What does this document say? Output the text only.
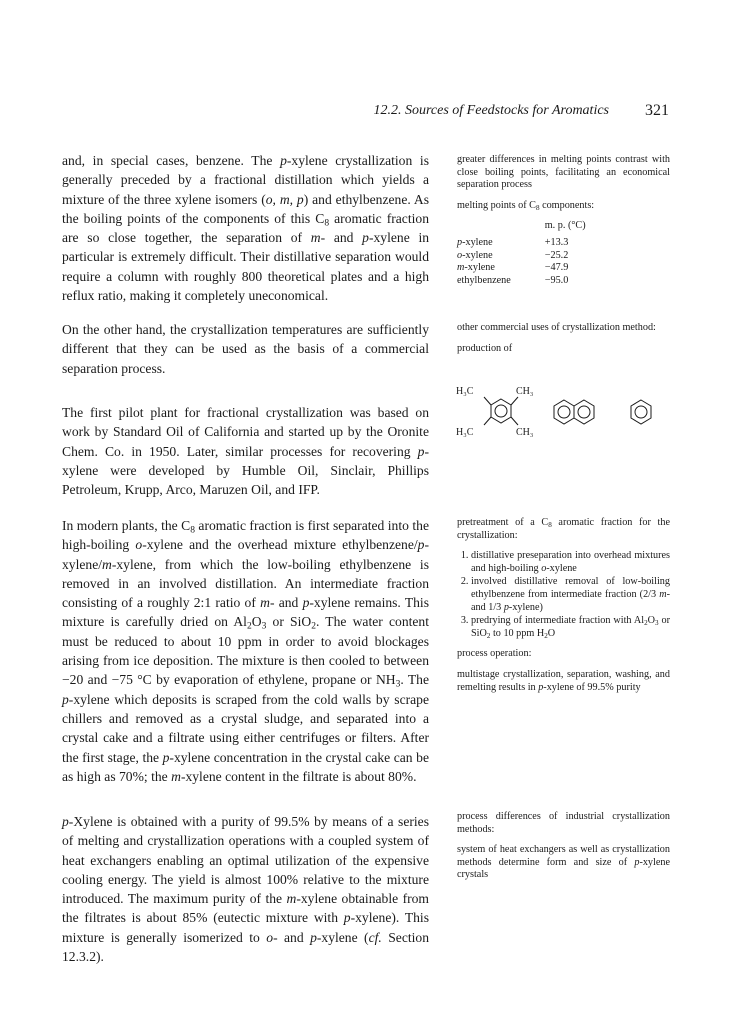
12.2. Sources of Feedstocks for Aromatics 321

and, in special cases, benzene. The p-xylene crystallization is generally preceded by a fractional distillation which yields a mixture of the three xylene isomers (o, m, p) and ethylbenzene. As the boiling points of the components of this $C_8$ aromatic fraction are so close together, the separation of m- and p-xylene in particular is extremely difficult. Their distillative separation would require a column with roughly 800 theoretical plates and a high reflux ratio, making it completely uneconomical.

On the other hand, the crystallization temperatures are sufficiently different that they can be used as the basis of a commercial separation process.

The first pilot plant for fractional crystallization was based on work by Standard Oil of California and started up by the Oronite Chem. Co. in 1950. Later, similar processes for recovering p-xylene were developed by Humble Oil, Sinclair, Phillips Petroleum, Krupp, Arco, Maruzen Oil, and IFP.

In modern plants, the $C_8$ aromatic fraction is first separated into the high-boiling o-xylene and the overhead mixture ethylbenzene/p-xylene/m-xylene, from which the low-boiling ethylbenzene is removed in an involved distillation. An intermediate fraction consisting of a roughly 2:1 ratio of m- and p-xylene remains. This mixture is carefully dried on $Al_2O_3$ or SiO$_2$. The water content must be reduced to about 10 ppm in order to avoid blockages arising from ice deposition. The mixture is then cooled to between −20 and −75 °C by evaporation of ethylene, propane or $NH_3$. The p-xylene which deposits is scraped from the cold walls by scrape chillers and removed as a crystal sludge, and separated into a crystal cake and a filtrate using either centrifuges or filters. After the first stage, the p-xylene concentration in the crystal cake can be as high as 70%; the m-xylene content in the filtrate is about 80%.

p-Xylene is obtained with a purity of 99.5% by means of a series of melting and crystallization operations with a coupled system of heat exchangers enabling an optimal utilization of the expensive cooling energy. The yield is almost 100% relative to the mixture introduced. The maximum purity of the m-xylene obtainable from the filtrates is about 85% (eutectic mixture with p-xylene). This mixture is generally isomerized to o- and p-xylene (cf. Section 12.3.2).

greater differences in melting points contrast with close boiling points, facilitating an economical separation process

melting points of $C_8$ components:

	m. p. (°C)
p-xylene	+13.3
o-xylene	−25.2
m-xylene	−47.9
ethylbenzene	−95.0

other commercial uses of crystallization method:

production of

H₃C	CH₃
H₃C	CH₃

pretreatment of a $C_8$ aromatic fraction for the crystallization:

1. distillative preseparation into overhead mixtures and high-boiling o-xylene
2. involved distillative removal of low-boiling ethylbenzene from intermediate fraction (2/3 m- and 1/3 p-xylene)
3. predrying of intermediate fraction with $Al_2O_3$ or SiO$_2$ to 10 ppm $H_2O$

process operation:

multistage crystallization, separation, washing, and remelting results in p-xylene of 99.5% purity

process differences of industrial crystallization methods:

system of heat exchangers as well as crystallization methods determine form and size of p-xylene crystals
